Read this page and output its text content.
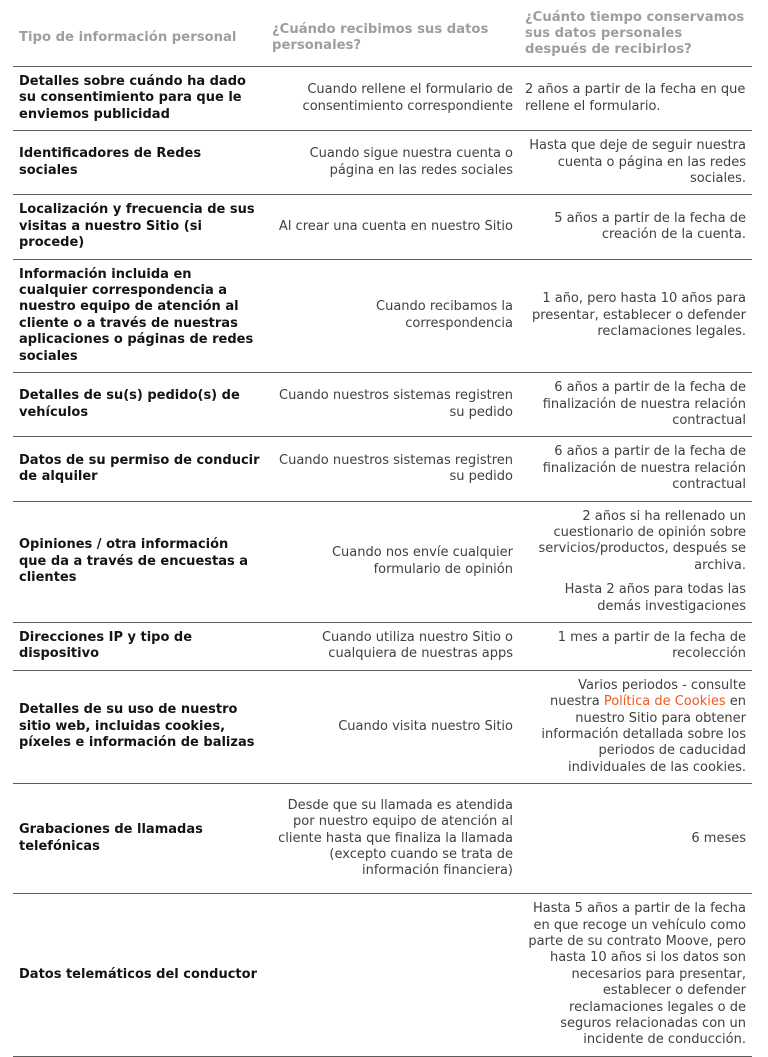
Tipo de información personal	¿Cuándo recibimos sus datos personales?	¿Cuánto tiempo conservamos sus datos personales después de recibirlos?
Detalles sobre cuándo ha dado su consentimiento para que le enviemos publicidad	Cuando rellene el formulario de consentimiento correspondiente	2 años a partir de la fecha en que rellene el formulario.
Identificadores de Redes sociales	Cuando sigue nuestra cuenta o página en las redes sociales	Hasta que deje de seguir nuestra cuenta o página en las redes sociales.
Localización y frecuencia de sus visitas a nuestro Sitio (si procede)	Al crear una cuenta en nuestro Sitio	5 años a partir de la fecha de creación de la cuenta.
Información incluida en cualquier correspondencia a nuestro equipo de atención al cliente o a través de nuestras aplicaciones o páginas de redes sociales	Cuando recibamos la correspondencia	1 año, pero hasta 10 años para presentar, establecer o defender reclamaciones legales.
Detalles de su(s) pedido(s) de vehículos	Cuando nuestros sistemas registren su pedido	6 años a partir de la fecha de finalización de nuestra relación contractual
Datos de su permiso de conducir de alquiler	Cuando nuestros sistemas registren su pedido	6 años a partir de la fecha de finalización de nuestra relación contractual
Opiniones / otra información que da a través de encuestas a clientes	Cuando nos envíe cualquier formulario de opinión	2 años si ha rellenado un cuestionario de opinión sobre servicios/productos, después se archiva.
Hasta 2 años para todas las demás investigaciones

Direcciones IP y tipo de dispositivo	Cuando utiliza nuestro Sitio o cualquiera de nuestras apps	1 mes a partir de la fecha de recolección
Detalles de su uso de nuestro sitio web, incluidas cookies, píxeles e información de balizas	Cuando visita nuestro Sitio	Varios periodos - consulte nuestra Política de Cookies en nuestro Sitio para obtener información detallada sobre los periodos de caducidad individuales de las cookies.
Grabaciones de llamadas telefónicas	Desde que su llamada es atendida por nuestro equipo de atención al cliente hasta que finaliza la llamada (excepto cuando se trata de información financiera)	6 meses
Datos telemáticos del conductor		Hasta 5 años a partir de la fecha en que recoge un vehículo como parte de su contrato Moove, pero hasta 10 años si los datos son necesarios para presentar, establecer o defender reclamaciones legales o de seguros relacionadas con un incidente de conducción.
